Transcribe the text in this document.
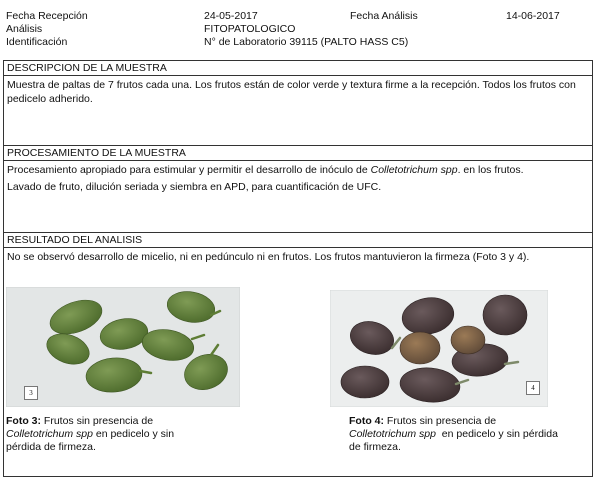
Fecha Recepción	24-05-2017	Fecha Análisis	14-06-2017
Análisis	FITOPATOLOGICO
Identificación	N° de Laboratorio 39115 (PALTO HASS C5)
DESCRIPCION DE LA MUESTRA
Muestra de paltas de 7 frutos cada una. Los frutos están de color verde y textura firme a la recepción. Todos los frutos con
pedicelo adherido.
PROCESAMIENTO DE LA MUESTRA
Procesamiento apropiado para estimular y permitir el desarrollo de inóculo de Colletotrichum spp. en los frutos.
Lavado de fruto, dilución seriada y siembra en APD, para cuantificación de UFC.
RESULTADO DEL ANALISIS
No se observó desarrollo de micelio, ni en pedúnculo ni en frutos. Los frutos mantuvieron la firmeza (Foto 3 y 4).
3
4
Foto 3: Frutos sin presencia de
Colletotrichum spp en pedicelo y sin
pérdida de firmeza.
Foto 4: Frutos sin presencia de
Colletotrichum spp  en pedicelo y sin pérdida
de firmeza.
